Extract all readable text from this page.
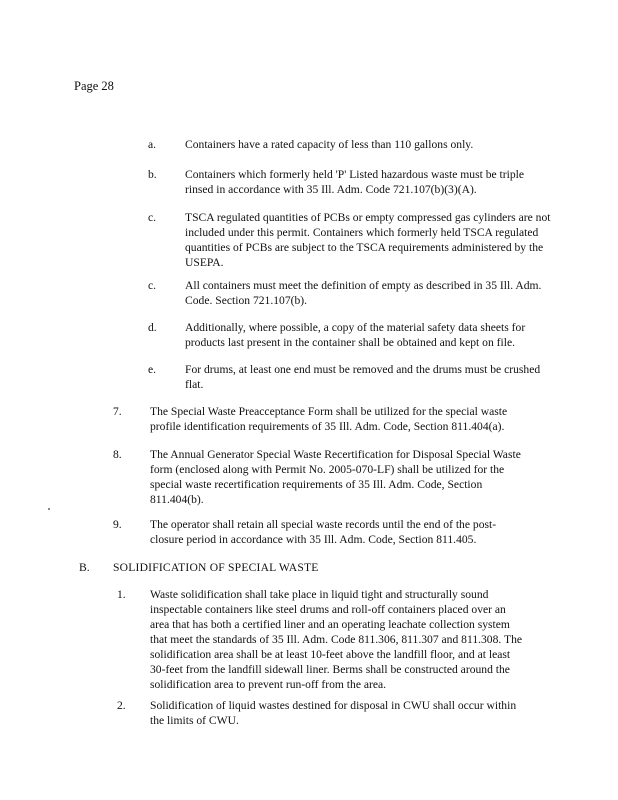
Page 28
a. Containers have a rated capacity of less than 110 gallons only.
b. Containers which formerly held 'P' Listed hazardous waste must be triple rinsed in accordance with 35 Ill. Adm. Code 721.107(b)(3)(A).
c. TSCA regulated quantities of PCBs or empty compressed gas cylinders are not included under this permit. Containers which formerly held TSCA regulated quantities of PCBs are subject to the TSCA requirements administered by the USEPA.
c. All containers must meet the definition of empty as described in 35 Ill. Adm. Code. Section 721.107(b).
d. Additionally, where possible, a copy of the material safety data sheets for products last present in the container shall be obtained and kept on file.
e. For drums, at least one end must be removed and the drums must be crushed flat.
7. The Special Waste Preacceptance Form shall be utilized for the special waste profile identification requirements of 35 Ill. Adm. Code, Section 811.404(a).
8. The Annual Generator Special Waste Recertification for Disposal Special Waste form (enclosed along with Permit No. 2005-070-LF) shall be utilized for the special waste recertification requirements of 35 Ill. Adm. Code, Section 811.404(b).
9. The operator shall retain all special waste records until the end of the post-closure period in accordance with 35 Ill. Adm. Code, Section 811.405.
B. SOLIDIFICATION OF SPECIAL WASTE
1. Waste solidification shall take place in liquid tight and structurally sound inspectable containers like steel drums and roll-off containers placed over an area that has both a certified liner and an operating leachate collection system that meet the standards of 35 Ill. Adm. Code 811.306, 811.307 and 811.308. The solidification area shall be at least 10-feet above the landfill floor, and at least 30-feet from the landfill sidewall liner. Berms shall be constructed around the solidification area to prevent run-off from the area.
2. Solidification of liquid wastes destined for disposal in CWU shall occur within the limits of CWU.
